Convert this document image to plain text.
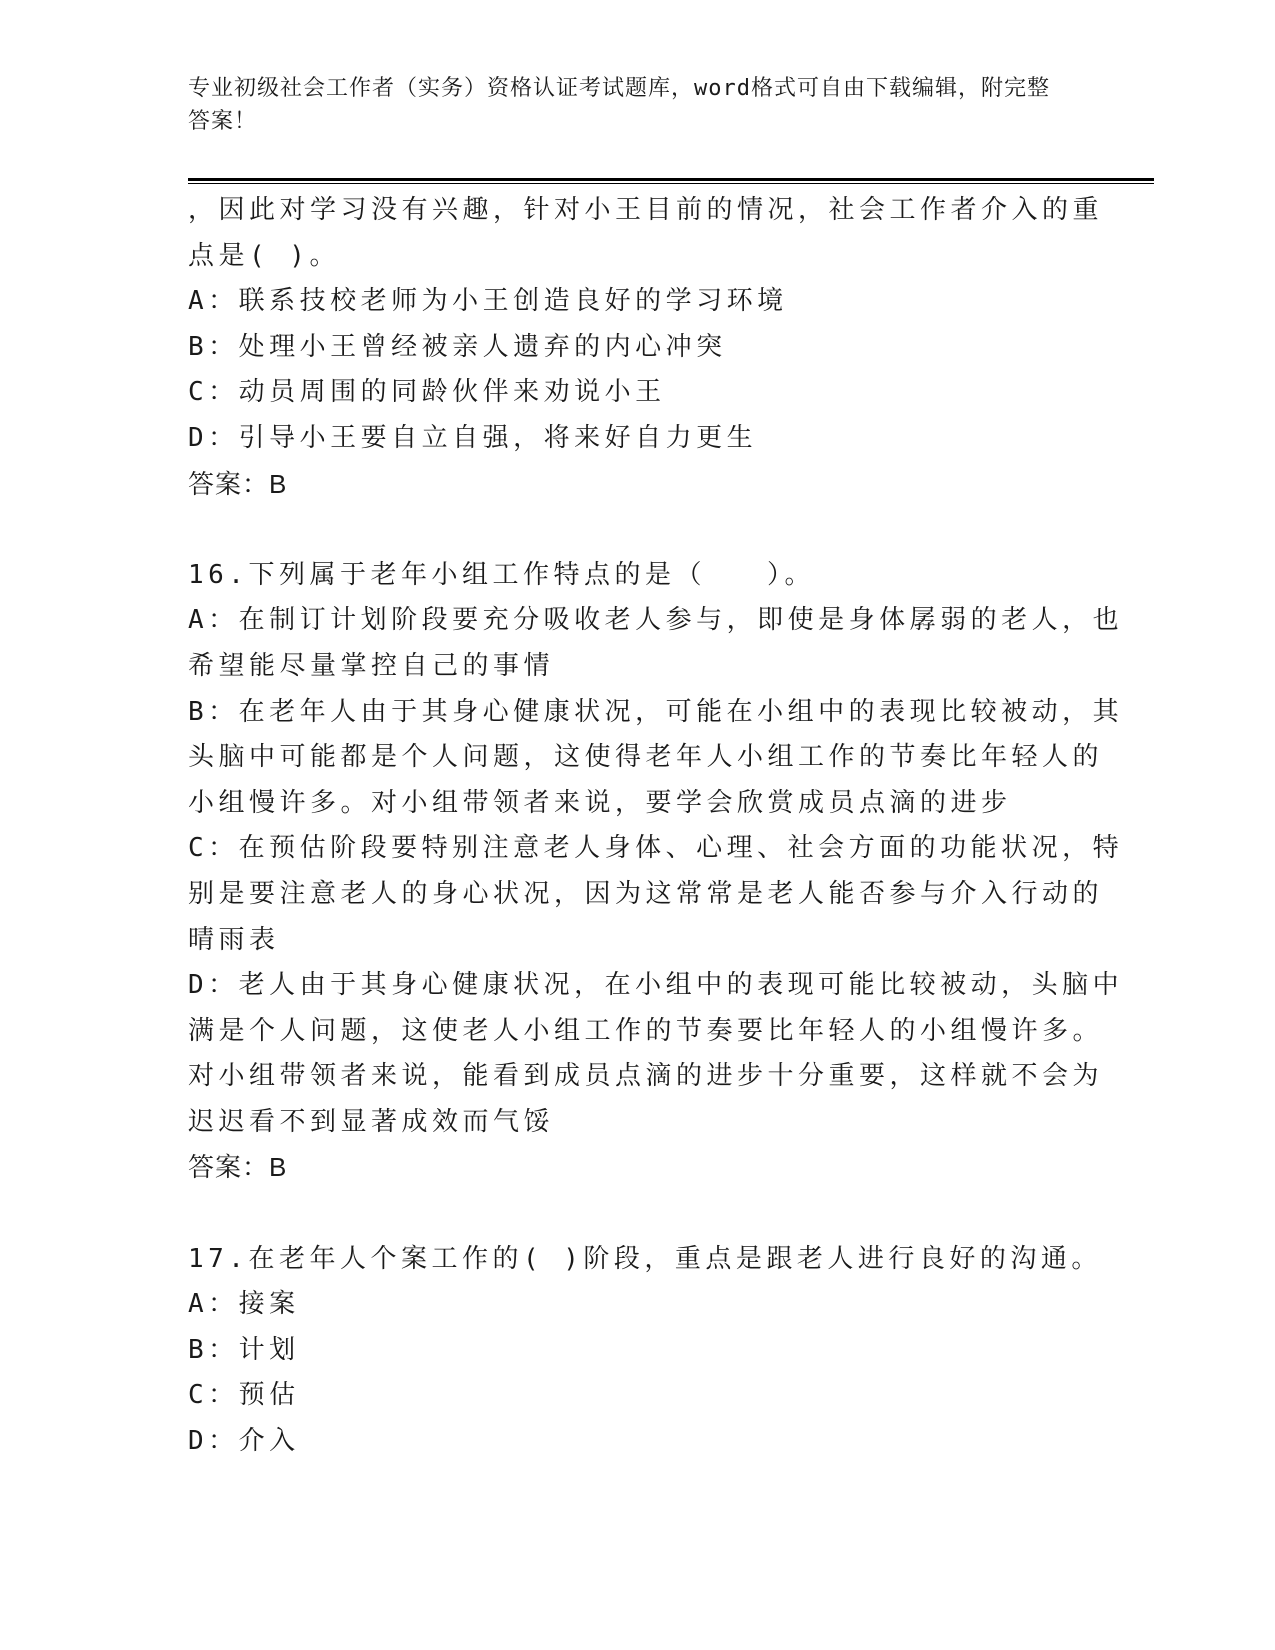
专业初级社会工作者（实务）资格认证考试题库，word格式可自由下载编辑，附完整答案！
，因此对学习没有兴趣，针对小王目前的情况，社会工作者介入的重
点是( )。
A：联系技校老师为小王创造良好的学习环境
B：处理小王曾经被亲人遗弃的内心冲突
C：动员周围的同龄伙伴来劝说小王
D：引导小王要自立自强，将来好自力更生
答案：B
16.下列属于老年小组工作特点的是（　　）。
A：在制订计划阶段要充分吸收老人参与，即使是身体孱弱的老人，也
希望能尽量掌控自己的事情
B：在老年人由于其身心健康状况，可能在小组中的表现比较被动，其
头脑中可能都是个人问题，这使得老年人小组工作的节奏比年轻人的
小组慢许多。对小组带领者来说，要学会欣赏成员点滴的进步
C：在预估阶段要特别注意老人身体、心理、社会方面的功能状况，特
别是要注意老人的身心状况，因为这常常是老人能否参与介入行动的
晴雨表
D：老人由于其身心健康状况，在小组中的表现可能比较被动，头脑中
满是个人问题，这使老人小组工作的节奏要比年轻人的小组慢许多。
对小组带领者来说，能看到成员点滴的进步十分重要，这样就不会为
迟迟看不到显著成效而气馁
答案：B
17.在老年人个案工作的( )阶段，重点是跟老人进行良好的沟通。
A：接案
B：计划
C：预估
D：介入
